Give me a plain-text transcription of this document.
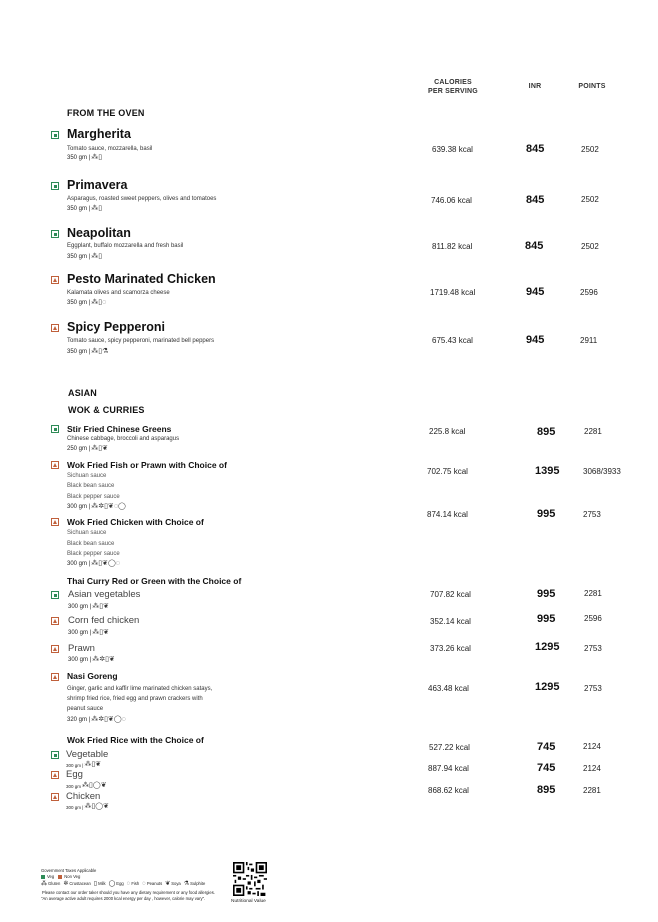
CALORIES
PER SERVING
INR	POINTS
FROM THE OVEN
Margherita
Tomato sauce, mozzarella, basil
350 gm | ⁂▯
639.38 kcal	845	2502
Primavera
Asparagus, roasted sweet peppers, olives and tomatoes
350 gm | ⁂▯
746.06 kcal	845	2502
Neapolitan
Eggplant, buffalo mozzarella and fresh basil
350 gm | ⁂▯
811.82 kcal	845	2502
Pesto Marinated Chicken
Kalamata olives and scamorza cheese
350 gm | ⁂▯◌
1719.48 kcal	945	2596
Spicy Pepperoni
Tomato sauce, spicy pepperoni, marinated bell peppers
350 gm | ⁂▯⚗
675.43 kcal	945	2911
ASIAN
WOK & CURRIES
Stir Fried Chinese Greens
Chinese cabbage, broccoli and asparagus
250 gm | ⁂▯❦
225.8 kcal	895	2281
Wok Fried Fish or Prawn with Choice of
Sichuan sauce
Black bean sauce
Black pepper sauce
300 gm | ⁂✲▯❦◌◯
702.75 kcal	1395	3068/3933
Wok Fried Chicken with Choice of
Sichuan sauce
Black bean sauce
Black pepper sauce
300 gm | ⁂▯❦◯◌
874.14 kcal	995	2753
Thai Curry Red or Green with the Choice of
Asian vegetables
300 gm | ⁂▯❦
707.82 kcal	995	2281
Corn fed chicken
300 gm | ⁂▯❦
352.14 kcal	995	2596
Prawn
300 gm | ⁂✲▯❦
373.26 kcal	1295	2753
Nasi Goreng
Ginger, garlic and kaffir lime marinated chicken satays,
shrimp fried rice, fried egg and prawn crackers with
peanut sauce
320 gm | ⁂✲▯❦◯◌
463.48 kcal	1295	2753
Wok Fried Rice with the Choice of
Vegetable
300 gm | ⁂▯❦
527.22 kcal	745	2124
Egg
300 gm ⁂▯◯❦
887.94 kcal	745	2124
Chicken
300 gm | ⁂▯◯❦
868.62 kcal	895	2281
Government Taxes Applicable
Veg Non Veg
⁂ Gluten ✲ Crustacean ▯ Milk ◯ Egg ◌ Fish ◌ Peanuts ❦ Soya ⚗ Sulphite
Please contact our order taker should you have any dietary requirement or any food allergies.
"An average active adult requires 2000 kcal energy per day , however, calorie may vary".
Nutritional Value
